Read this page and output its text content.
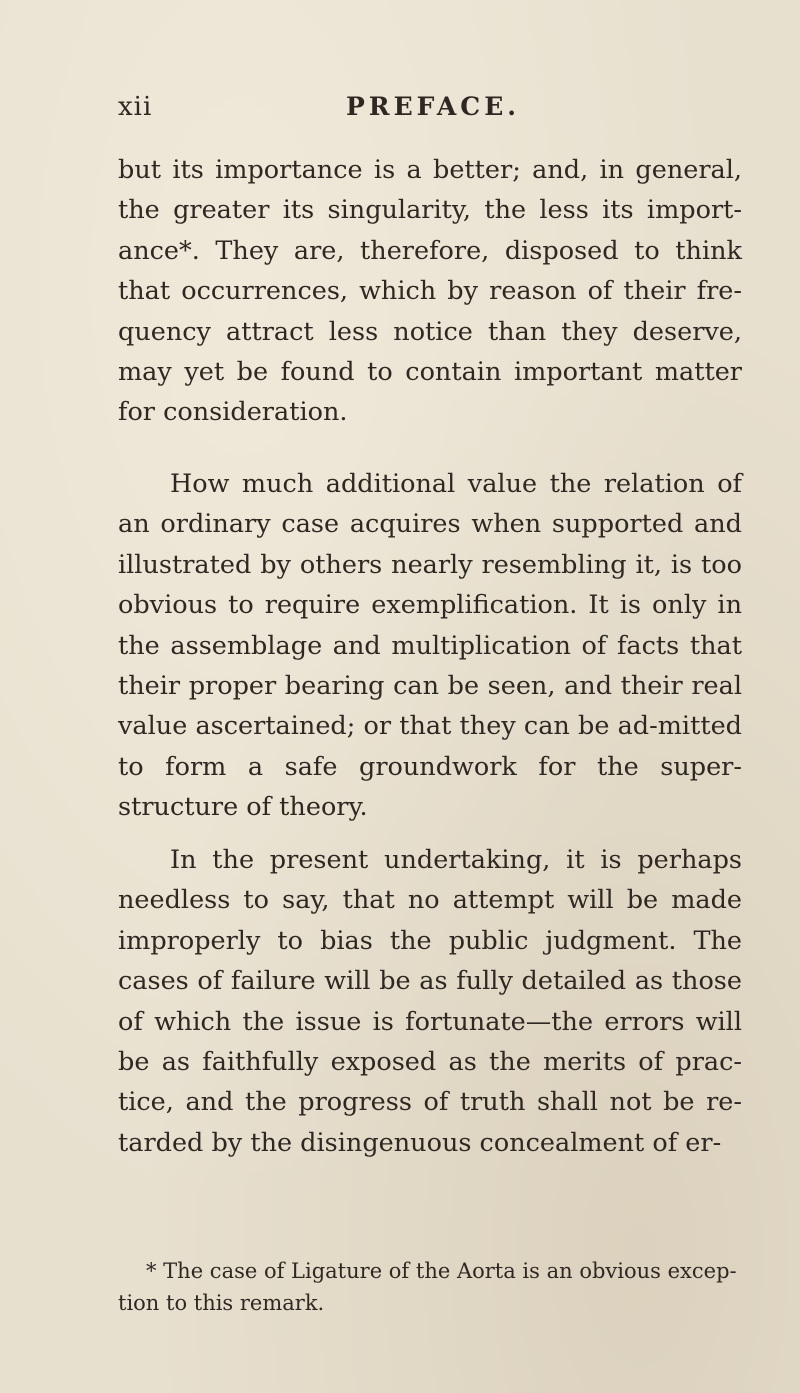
xii	PREFACE.

but its importance is a better; and, in general, the greater its singularity, the less its import-ance*. They are, therefore, disposed to think that occurrences, which by reason of their fre-quency attract less notice than they deserve, may yet be found to contain important matter for consideration.

How much additional value the relation of an ordinary case acquires when supported and illustrated by others nearly resembling it, is too obvious to require exemplification. It is only in the assemblage and multiplication of facts that their proper bearing can be seen, and their real value ascertained; or that they can be ad-mitted to form a safe groundwork for the super-structure of theory.

In the present undertaking, it is perhaps needless to say, that no attempt will be made improperly to bias the public judgment. The cases of failure will be as fully detailed as those of which the issue is fortunate—the errors will be as faithfully exposed as the merits of prac-tice, and the progress of truth shall not be re-tarded by the disingenuous concealment of er-

* The case of Ligature of the Aorta is an obvious excep-tion to this remark.
